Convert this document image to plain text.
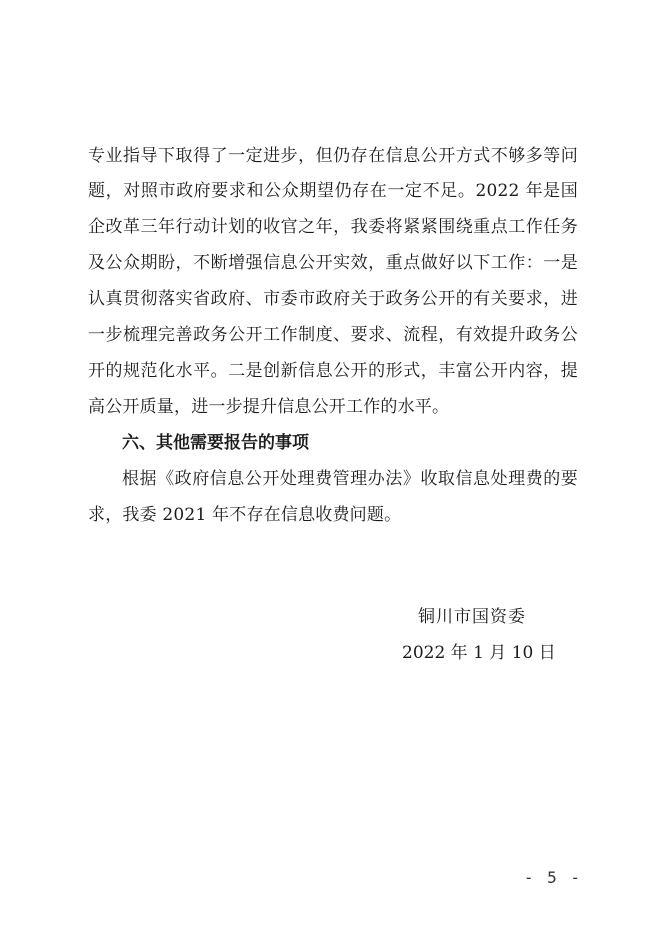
专业指导下取得了一定进步，但仍存在信息公开方式不够多等问
题，对照市政府要求和公众期望仍存在一定不足。2022 年是国
企改革三年行动计划的收官之年，我委将紧紧围绕重点工作任务
及公众期盼，不断增强信息公开实效，重点做好以下工作：一是
认真贯彻落实省政府、市委市政府关于政务公开的有关要求，进
一步梳理完善政务公开工作制度、要求、流程，有效提升政务公
开的规范化水平。二是创新信息公开的形式，丰富公开内容，提
高公开质量，进一步提升信息公开工作的水平。
六、其他需要报告的事项
根据《政府信息公开处理费管理办法》收取信息处理费的要
求，我委 2021 年不存在信息收费问题。
铜川市国资委
2022 年 1 月 10 日
- 5 -
